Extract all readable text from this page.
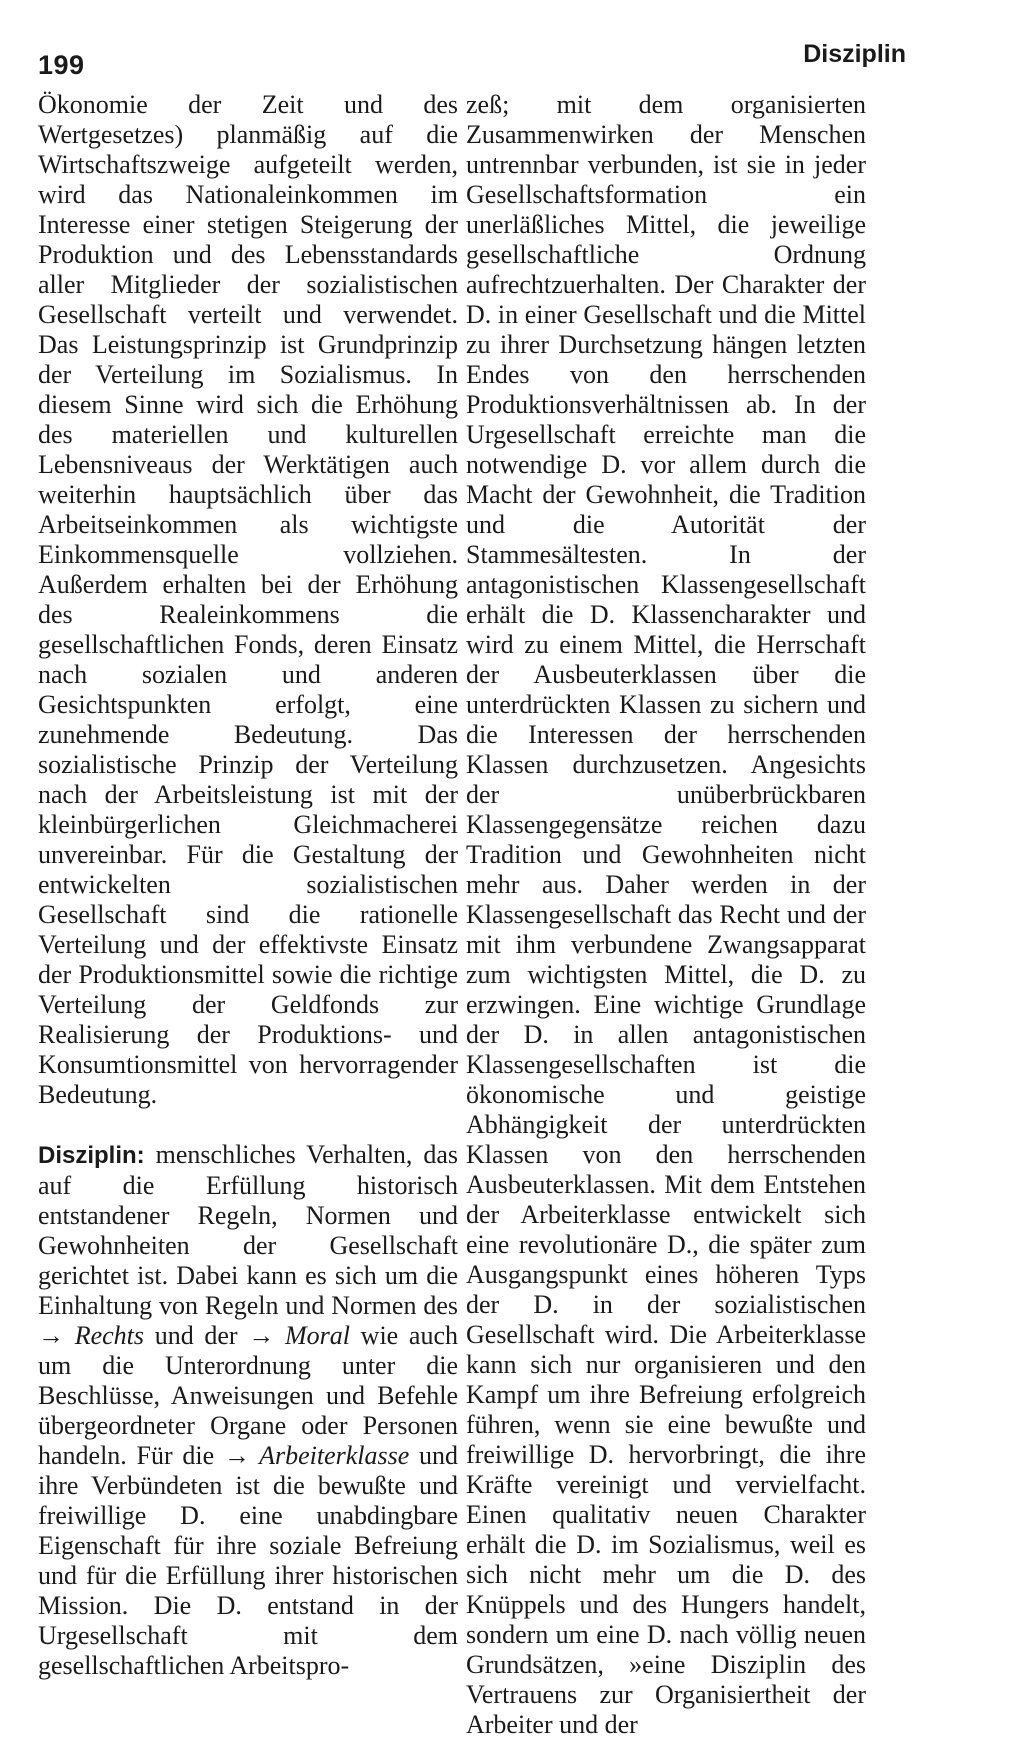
199	Disziplin

Ökonomie der Zeit und des Wertgesetzes) planmäßig auf die Wirtschaftszweige aufgeteilt werden, wird das Nationaleinkommen im Interesse einer stetigen Steigerung der Produktion und des Lebensstandards aller Mitglieder der sozialistischen Gesellschaft verteilt und verwendet. Das Leistungsprinzip ist Grundprinzip der Verteilung im Sozialismus. In diesem Sinne wird sich die Erhöhung des materiellen und kulturellen Lebensniveaus der Werktätigen auch weiterhin hauptsächlich über das Arbeitseinkommen als wichtigste Einkommensquelle vollziehen. Außerdem erhalten bei der Erhöhung des Realeinkommens die gesellschaftlichen Fonds, deren Einsatz nach sozialen und anderen Gesichtspunkten erfolgt, eine zunehmende Bedeutung. Das sozialistische Prinzip der Verteilung nach der Arbeitsleistung ist mit der kleinbürgerlichen Gleichmacherei unvereinbar. Für die Gestaltung der entwickelten sozialistischen Gesellschaft sind die rationelle Verteilung und der effektivste Einsatz der Produktionsmittel sowie die richtige Verteilung der Geldfonds zur Realisierung der Produktions- und Konsumtionsmittel von hervorragender Bedeutung.

Disziplin: menschliches Verhalten, das auf die Erfüllung historisch entstandener Regeln, Normen und Gewohnheiten der Gesellschaft gerichtet ist. Dabei kann es sich um die Einhaltung von Regeln und Normen des → Rechts und der → Moral wie auch um die Unterordnung unter die Beschlüsse, Anweisungen und Befehle übergeordneter Organe oder Personen handeln. Für die → Arbeiterklasse und ihre Verbündeten ist die bewußte und freiwillige D. eine unabdingbare Eigenschaft für ihre soziale Befreiung und für die Erfüllung ihrer historischen Mission. Die D. entstand in der Urgesellschaft mit dem gesellschaftlichen Arbeitspro-

zeß; mit dem organisierten Zusammenwirken der Menschen untrennbar verbunden, ist sie in jeder Gesellschaftsformation ein unerläßliches Mittel, die jeweilige gesellschaftliche Ordnung aufrechtzuerhalten. Der Charakter der D. in einer Gesellschaft und die Mittel zu ihrer Durchsetzung hängen letzten Endes von den herrschenden Produktionsverhältnissen ab. In der Urgesellschaft erreichte man die notwendige D. vor allem durch die Macht der Gewohnheit, die Tradition und die Autorität der Stammesältesten. In der antagonistischen Klassengesellschaft erhält die D. Klassencharakter und wird zu einem Mittel, die Herrschaft der Ausbeuterklassen über die unterdrückten Klassen zu sichern und die Interessen der herrschenden Klassen durchzusetzen. Angesichts der unüberbrückbaren Klassengegensätze reichen dazu Tradition und Gewohnheiten nicht mehr aus. Daher werden in der Klassengesellschaft das Recht und der mit ihm verbundene Zwangsapparat zum wichtigsten Mittel, die D. zu erzwingen. Eine wichtige Grundlage der D. in allen antagonistischen Klassengesellschaften ist die ökonomische und geistige Abhängigkeit der unterdrückten Klassen von den herrschenden Ausbeuterklassen. Mit dem Entstehen der Arbeiterklasse entwickelt sich eine revolutionäre D., die später zum Ausgangspunkt eines höheren Typs der D. in der sozialistischen Gesellschaft wird. Die Arbeiterklasse kann sich nur organisieren und den Kampf um ihre Befreiung erfolgreich führen, wenn sie eine bewußte und freiwillige D. hervorbringt, die ihre Kräfte vereinigt und vervielfacht. Einen qualitativ neuen Charakter erhält die D. im Sozialismus, weil es sich nicht mehr um die D. des Knüppels und des Hungers handelt, sondern um eine D. nach völlig neuen Grundsätzen, »eine Disziplin des Vertrauens zur Organisiertheit der Arbeiter und der
